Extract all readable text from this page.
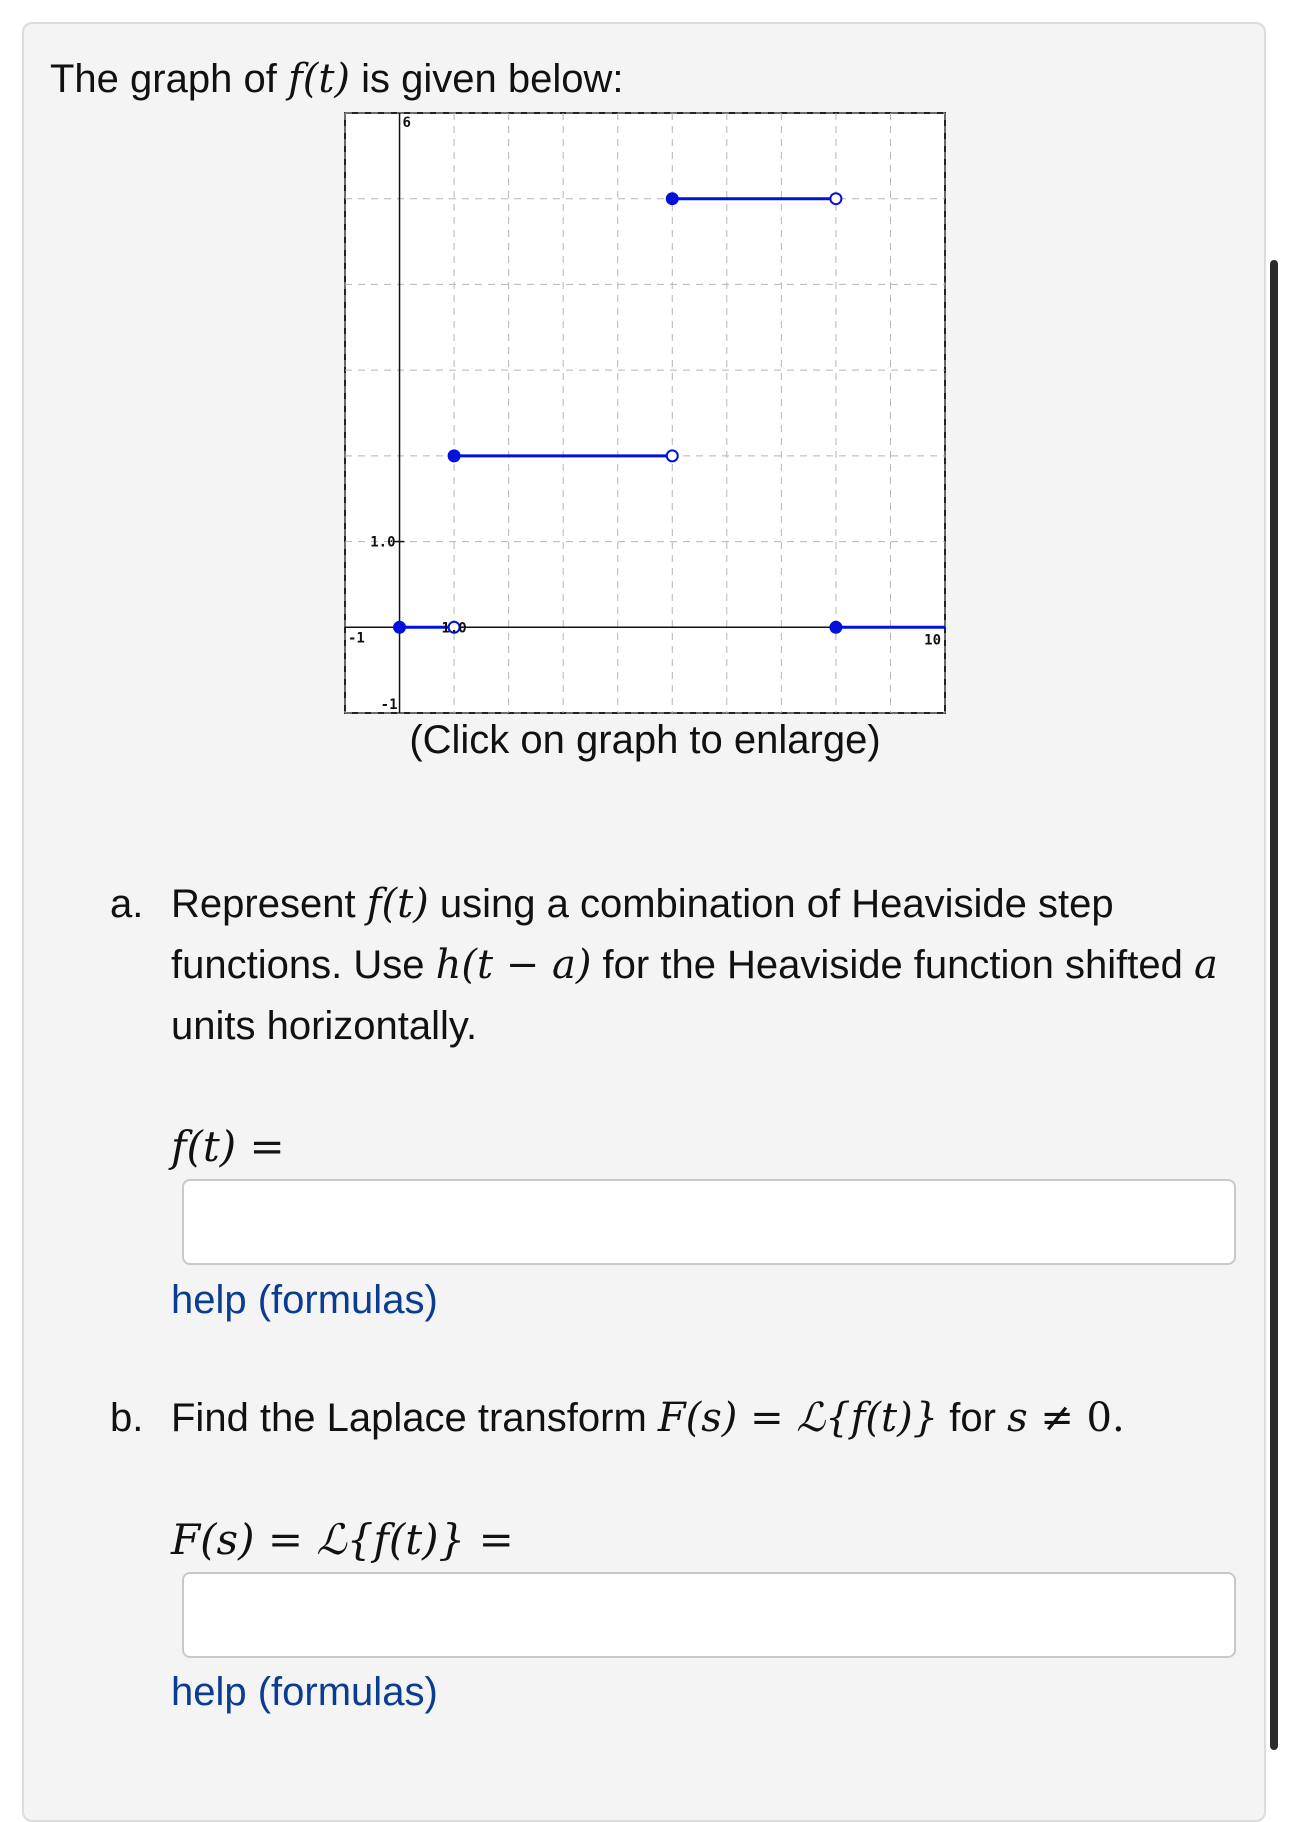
The graph of f(t) is given below:
6
1.0
-1
-1
1.0
10
(Click on graph to enlarge)
a. Represent f(t) using a combination of Heaviside step functions. Use h(t − a) for the Heaviside function shifted a units horizontally.
f(t) =
help (formulas)
b. Find the Laplace transform F(s) = ℒ{f(t)} for s ≠ 0.
F(s) = ℒ{f(t)} =
help (formulas)
